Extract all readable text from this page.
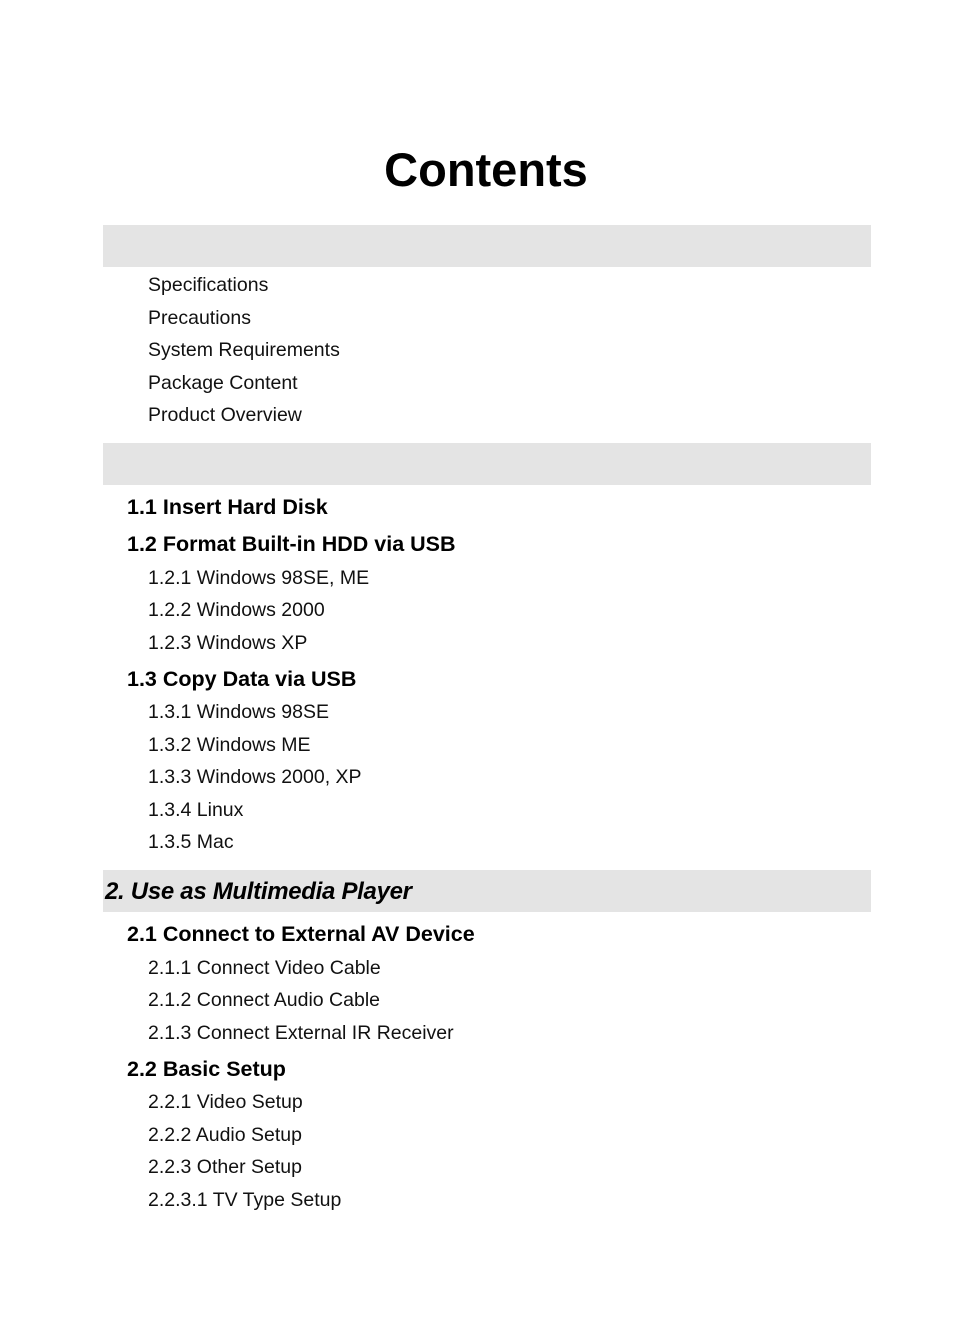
Contents
Specifications
Precautions
System Requirements
Package Content
Product Overview
1.1 Insert Hard Disk
1.2 Format Built-in HDD via USB
1.2.1 Windows 98SE, ME
1.2.2 Windows 2000
1.2.3 Windows XP
1.3 Copy Data via USB
1.3.1 Windows 98SE
1.3.2 Windows ME
1.3.3 Windows 2000, XP
1.3.4 Linux
1.3.5 Mac
2. Use as Multimedia Player
2.1 Connect to External AV Device
2.1.1 Connect Video Cable
2.1.2 Connect Audio Cable
2.1.3 Connect External IR Receiver
2.2 Basic Setup
2.2.1 Video Setup
2.2.2 Audio Setup
2.2.3 Other Setup
2.2.3.1 TV Type Setup
